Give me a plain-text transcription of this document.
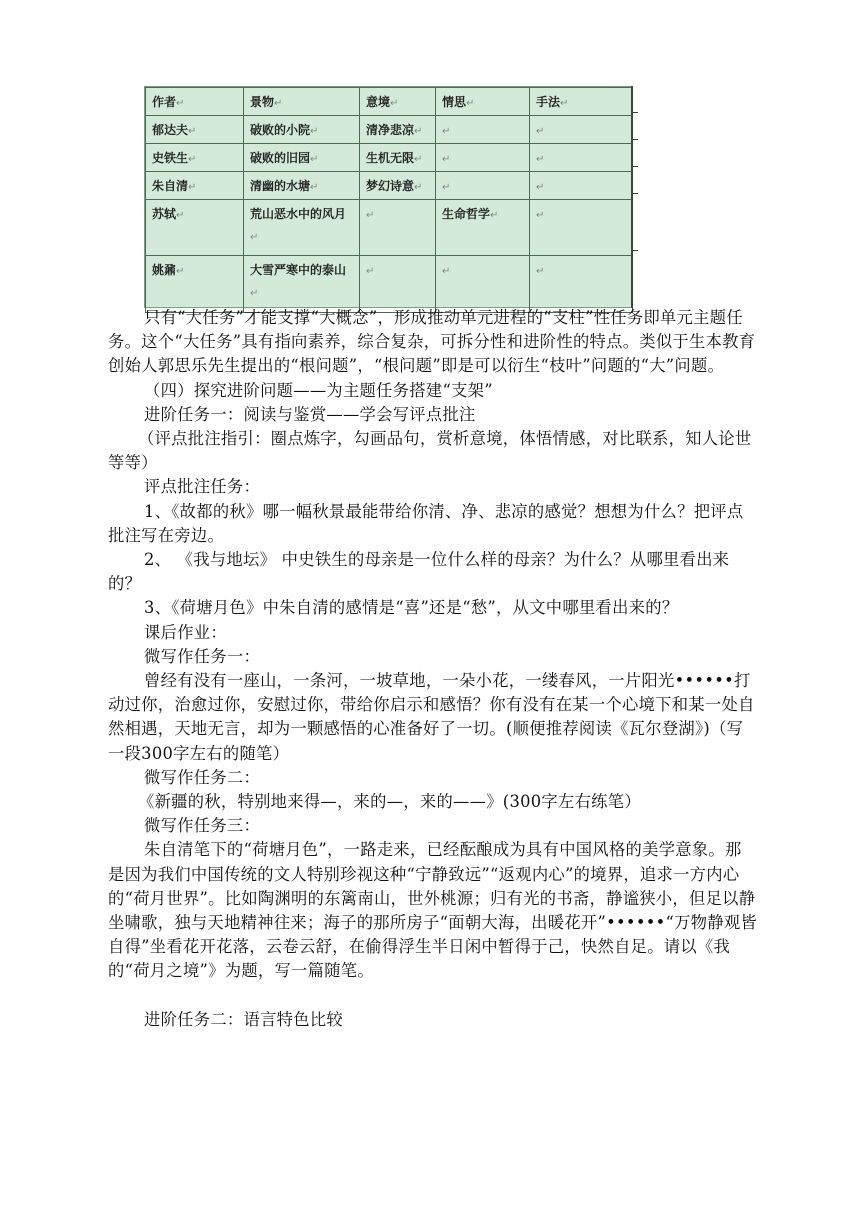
作者↵	景物↵	意境↵	情思↵	手法↵
郁达夫↵	破败的小院↵	清净悲凉↵	↵	↵
史铁生↵	破败的旧园↵	生机无限↵	↵	↵
朱自清↵	清幽的水塘↵	梦幻诗意↵	↵	↵
苏轼↵	荒山恶水中的风月↵	↵	生命哲学↵	↵
姚鼐↵	大雪严寒中的泰山↵	↵	↵	↵

只有“大任务”才能支撑“大概念”，形成推动单元进程的“支柱”性任务即单元主题任务。这个“大任务”具有指向素养，综合复杂，可拆分性和进阶性的特点。类似于生本教育创始人郭思乐先生提出的“根问题”，“根问题”即是可以衍生“枝叶”问题的“大”问题。

（四）探究进阶问题——为主题任务搭建“支架”

进阶任务一：阅读与鉴赏——学会写评点批注

（评点批注指引：圈点炼字，勾画品句，赏析意境，体悟情感，对比联系，知人论世等等）

评点批注任务：

1、《故都的秋》哪一幅秋景最能带给你清、净、悲凉的感觉？想想为什么？把评点批注写在旁边。

2、 《我与地坛》 中史铁生的母亲是一位什么样的母亲？为什么？从哪里看出来的？

3、《荷塘月色》中朱自清的感情是“喜”还是“愁”，从文中哪里看出来的？

课后作业：

微写作任务一：

曾经有没有一座山，一条河，一坡草地，一朵小花，一缕春风，一片阳光••••••打动过你，治愈过你，安慰过你，带给你启示和感悟？你有没有在某一个心境下和某一处自然相遇，天地无言，却为一颗感悟的心准备好了一切。(顺便推荐阅读《瓦尔登湖》)（写一段300字左右的随笔）

微写作任务二：

《新疆的秋，特别地来得—，来的—，来的——》(300字左右练笔）

微写作任务三：

朱自清笔下的“荷塘月色”，一路走来，已经酝酿成为具有中国风格的美学意象。那是因为我们中国传统的文人特别珍视这种“宁静致远”“返观内心”的境界，追求一方内心的“荷月世界”。比如陶渊明的东篱南山，世外桃源；归有光的书斋，静谧狭小，但足以静坐啸歌，独与天地精神往来；海子的那所房子“面朝大海，出暖花开”••••••“万物静观皆自得”坐看花开花落，云卷云舒，在偷得浮生半日闲中暂得于己，快然自足。请以《我的“荷月之境”》为题，写一篇随笔。

进阶任务二：语言特色比较
